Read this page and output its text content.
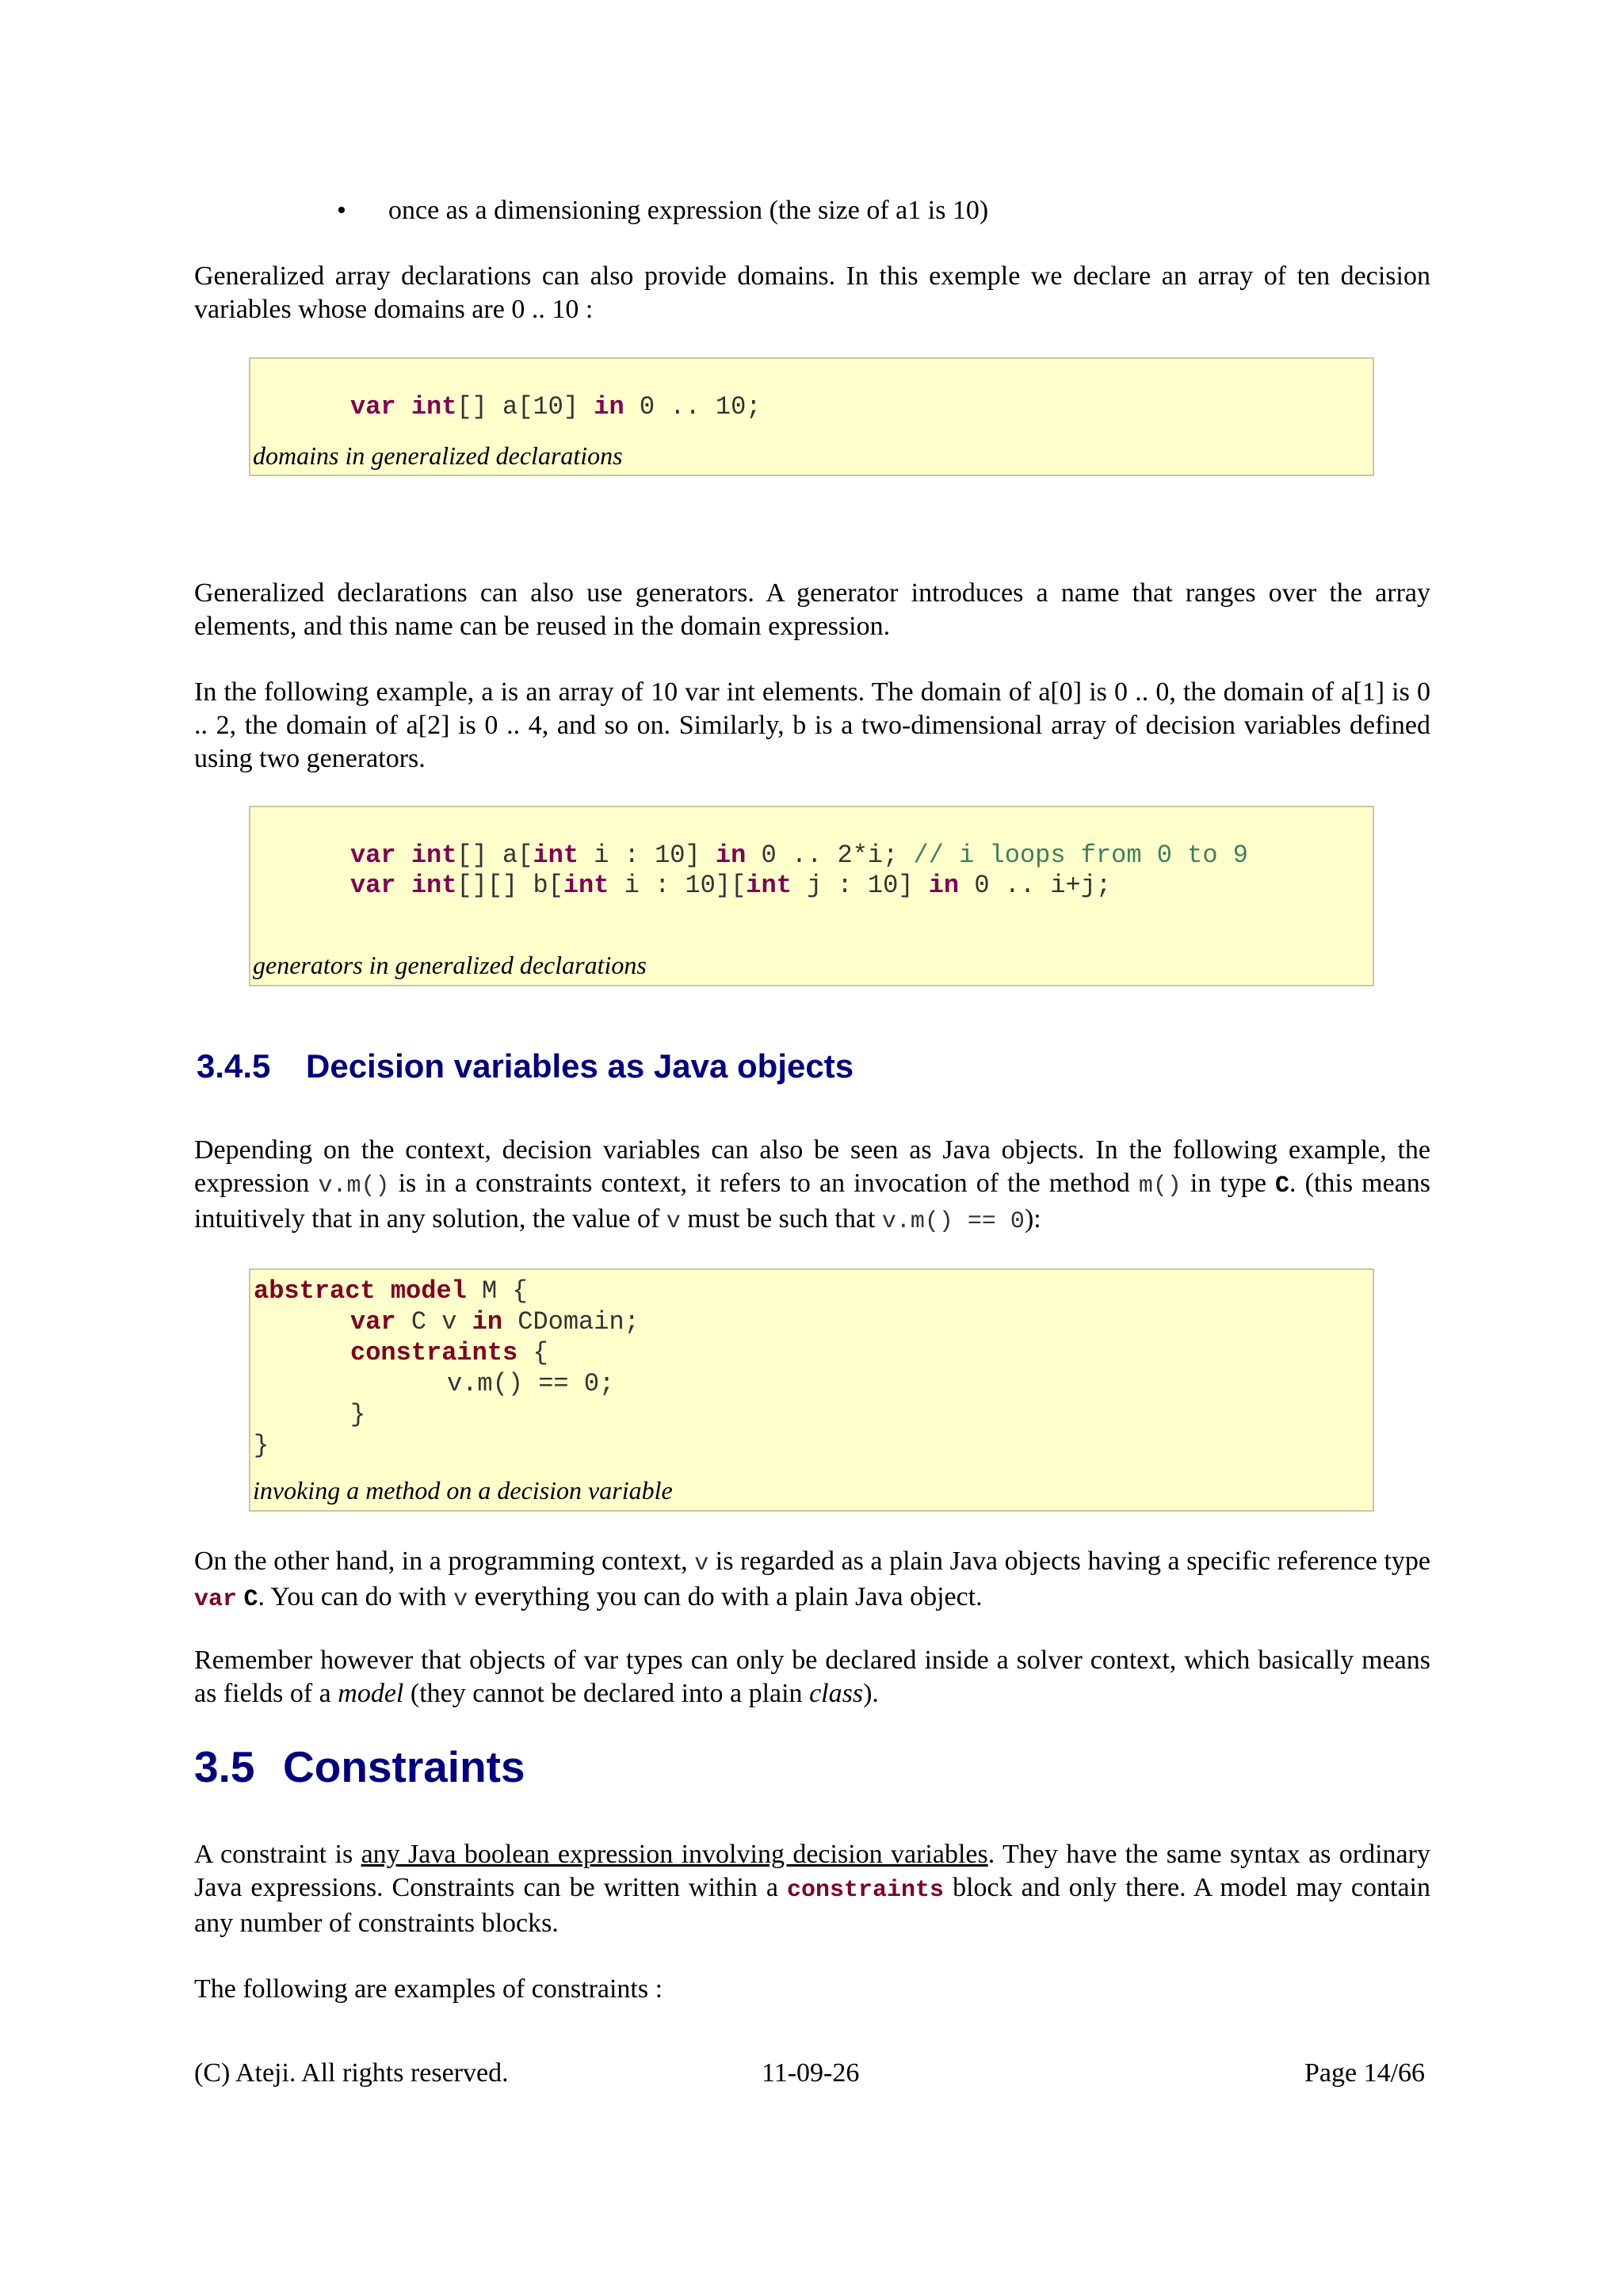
• once as a dimensioning expression (the size of a1 is 10)
Generalized array declarations can also provide domains. In this exemple we declare an array of ten decision variables whose domains are 0 .. 10 :
var int[] a[10] in 0 .. 10;
domains in generalized declarations
Generalized declarations can also use generators. A generator introduces a name that ranges over the array elements, and this name can be reused in the domain expression.
In the following example, a is an array of 10 var int elements. The domain of a[0] is 0 .. 0, the domain of a[1] is 0 .. 2, the domain of a[2] is 0 .. 4, and so on. Similarly, b is a two-dimensional array of decision variables defined using two generators.
var int[] a[int i : 10] in 0 .. 2*i; // i loops from 0 to 9
var int[][] b[int i : 10][int j : 10] in 0 .. i+j;
generators in generalized declarations
3.4.5 Decision variables as Java objects
Depending on the context, decision variables can also be seen as Java objects. In the following example, the expression v.m() is in a constraints context, it refers to an invocation of the method m() in type C. (this means intuitively that in any solution, the value of v must be such that v.m() == 0):
abstract model M {
var C v in CDomain;
constraints {
v.m() == 0;
}
}
invoking a method on a decision variable
On the other hand, in a programming context, v is regarded as a plain Java objects having a specific reference type var C. You can do with v everything you can do with a plain Java object.
Remember however that objects of var types can only be declared inside a solver context, which basically means as fields of a model (they cannot be declared into a plain class).
3.5 Constraints
A constraint is any Java boolean expression involving decision variables. They have the same syntax as ordinary Java expressions. Constraints can be written within a constraints block and only there. A model may contain any number of constraints blocks.
The following are examples of constraints :
(C) Ateji. All rights reserved.	11-09-26	Page 14/66
